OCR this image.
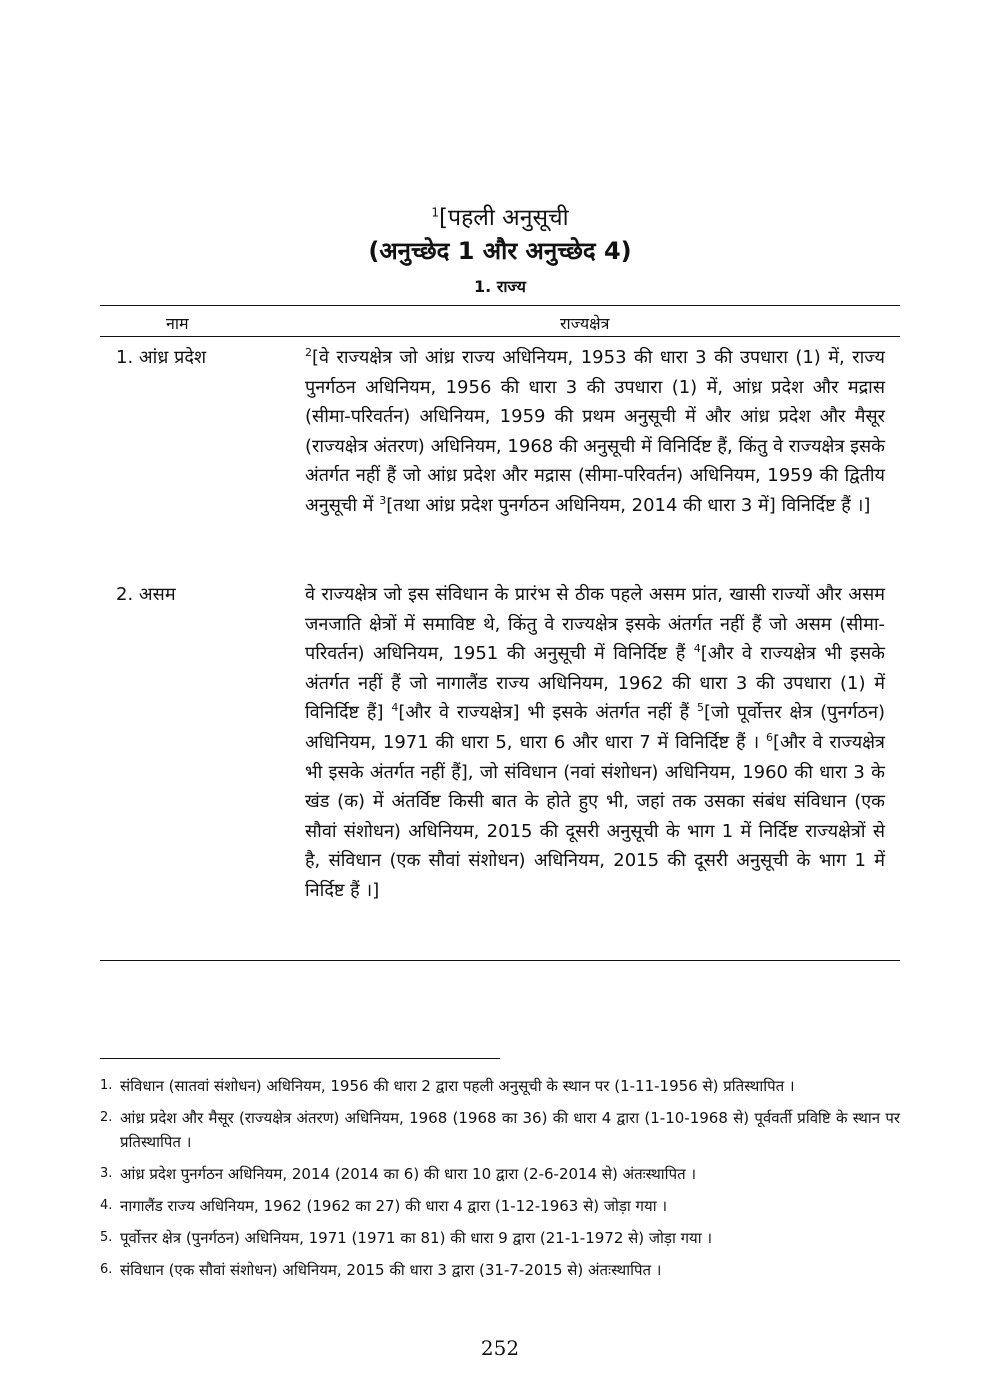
$^1$[पहली अनुसूची
(अनुच्छेद 1 और अनुच्छेद 4)
1. राज्य
नाम	राज्यक्षेत्र
1. आंध्र प्रदेश	$^2$[वे राज्यक्षेत्र जो आंध्र राज्य अधिनियम, 1953 की धारा 3 की उपधारा (1) में, राज्य पुनर्गठन अधिनियम, 1956 की धारा 3 की उपधारा (1) में, आंध्र प्रदेश और मद्रास (सीमा-परिवर्तन) अधिनियम, 1959 की प्रथम अनुसूची में और आंध्र प्रदेश और मैसूर (राज्यक्षेत्र अंतरण) अधिनियम, 1968 की अनुसूची में विनिर्दिष्ट हैं, किंतु वे राज्यक्षेत्र इसके अंतर्गत नहीं हैं जो आंध्र प्रदेश और मद्रास (सीमा-परिवर्तन) अधिनियम, 1959 की द्वितीय अनुसूची में $^3$[तथा आंध्र प्रदेश पुनर्गठन अधिनियम, 2014 की धारा 3 में] विनिर्दिष्ट हैं ।]
2. असम	वे राज्यक्षेत्र जो इस संविधान के प्रारंभ से ठीक पहले असम प्रांत, खासी राज्यों और असम जनजाति क्षेत्रों में समाविष्ट थे, किंतु वे राज्यक्षेत्र इसके अंतर्गत नहीं हैं जो असम (सीमा-परिवर्तन) अधिनियम, 1951 की अनुसूची में विनिर्दिष्ट हैं $^4$[और वे राज्यक्षेत्र भी इसके अंतर्गत नहीं हैं जो नागालैंड राज्य अधिनियम, 1962 की धारा 3 की उपधारा (1) में विनिर्दिष्ट हैं] $^4$[और वे राज्यक्षेत्र] भी इसके अंतर्गत नहीं हैं $^5$[जो पूर्वोत्तर क्षेत्र (पुनर्गठन) अधिनियम, 1971 की धारा 5, धारा 6 और धारा 7 में विनिर्दिष्ट हैं । $^6$[और वे राज्यक्षेत्र भी इसके अंतर्गत नहीं हैं], जो संविधान (नवां संशोधन) अधिनियम, 1960 की धारा 3 के खंड (क) में अंतर्विष्ट किसी बात के होते हुए भी, जहां तक उसका संबंध संविधान (एक सौवां संशोधन) अधिनियम, 2015 की दूसरी अनुसूची के भाग 1 में निर्दिष्ट राज्यक्षेत्रों से है, संविधान (एक सौवां संशोधन) अधिनियम, 2015 की दूसरी अनुसूची के भाग 1 में निर्दिष्ट हैं ।]
1. संविधान (सातवां संशोधन) अधिनियम, 1956 की धारा 2 द्वारा पहली अनुसूची के स्थान पर (1-11-1956 से) प्रतिस्थापित ।
2. आंध्र प्रदेश और मैसूर (राज्यक्षेत्र अंतरण) अधिनियम, 1968 (1968 का 36) की धारा 4 द्वारा (1-10-1968 से) पूर्ववर्ती प्रविष्टि के स्थान पर प्रतिस्थापित ।
3. आंध्र प्रदेश पुनर्गठन अधिनियम, 2014 (2014 का 6) की धारा 10 द्वारा (2-6-2014 से) अंतःस्थापित ।
4. नागालैंड राज्य अधिनियम, 1962 (1962 का 27) की धारा 4 द्वारा (1-12-1963 से) जोड़ा गया ।
5. पूर्वोत्तर क्षेत्र (पुनर्गठन) अधिनियम, 1971 (1971 का 81) की धारा 9 द्वारा (21-1-1972 से) जोड़ा गया ।
6. संविधान (एक सौवां संशोधन) अधिनियम, 2015 की धारा 3 द्वारा (31-7-2015 से) अंतःस्थापित ।
252
